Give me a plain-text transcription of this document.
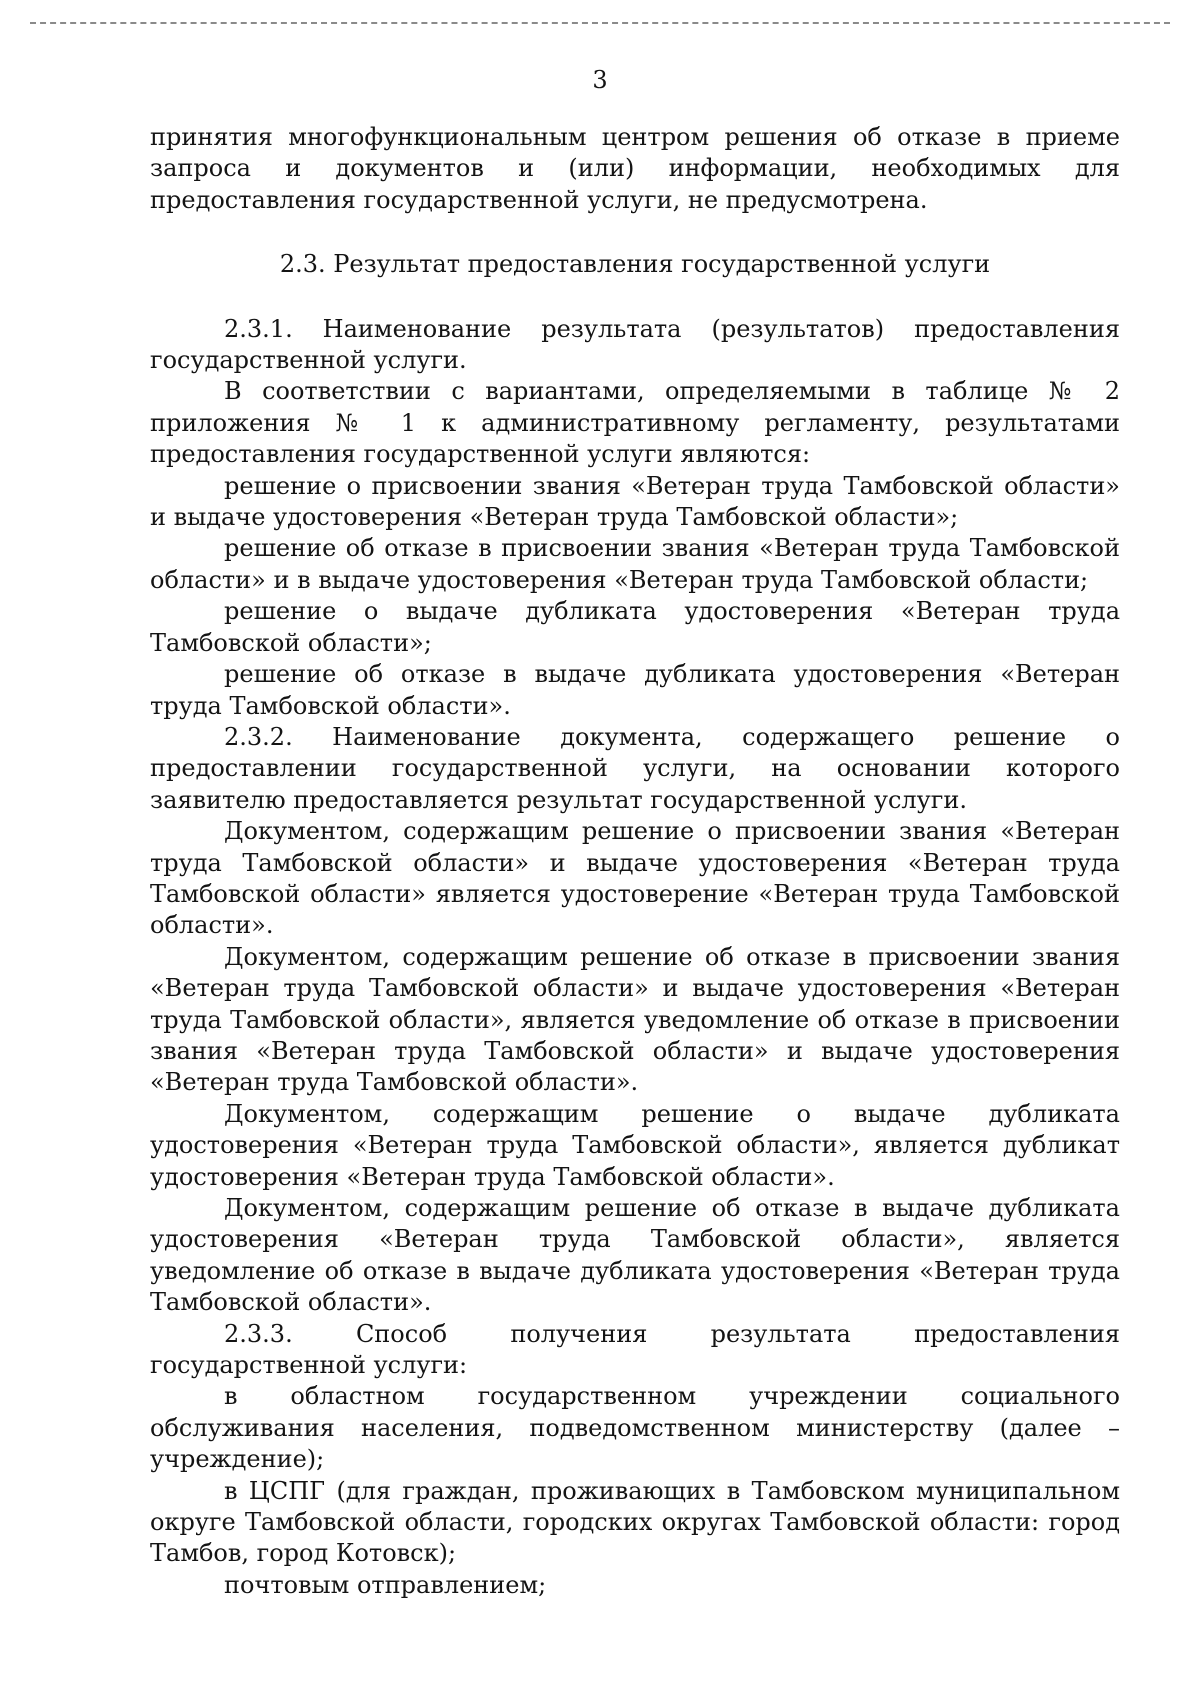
3

принятия многофункциональным центром решения об отказе в приеме запроса и документов и (или) информации, необходимых для предоставления государственной услуги, не предусмотрена.

2.3. Результат предоставления государственной услуги

2.3.1. Наименование результата (результатов) предоставления государственной услуги.

В соответствии с вариантами, определяемыми в таблице № 2 приложения № 1 к административному регламенту, результатами предоставления государственной услуги являются:

решение о присвоении звания «Ветеран труда Тамбовской области» и выдаче удостоверения «Ветеран труда Тамбовской области»;

решение об отказе в присвоении звания «Ветеран труда Тамбовской области» и в выдаче удостоверения «Ветеран труда Тамбовской области;

решение о выдаче дубликата удостоверения «Ветеран труда Тамбовской области»;

решение об отказе в выдаче дубликата удостоверения «Ветеран труда Тамбовской области».

2.3.2. Наименование документа, содержащего решение о предоставлении государственной услуги, на основании которого заявителю предоставляется результат государственной услуги.

Документом, содержащим решение о присвоении звания «Ветеран труда Тамбовской области» и выдаче удостоверения «Ветеран труда Тамбовской области» является удостоверение «Ветеран труда Тамбовской области».

Документом, содержащим решение об отказе в присвоении звания «Ветеран труда Тамбовской области» и выдаче удостоверения «Ветеран труда Тамбовской области», является уведомление об отказе в присвоении звания «Ветеран труда Тамбовской области» и выдаче удостоверения «Ветеран труда Тамбовской области».

Документом, содержащим решение о выдаче дубликата удостоверения «Ветеран труда Тамбовской области», является дубликат удостоверения «Ветеран труда Тамбовской области».

Документом, содержащим решение об отказе в выдаче дубликата удостоверения «Ветеран труда Тамбовской области», является уведомление об отказе в выдаче дубликата удостоверения «Ветеран труда Тамбовской области».

2.3.3. Способ получения результата предоставления государственной услуги:

в областном государственном учреждении социального обслуживания населения, подведомственном министерству (далее – учреждение);

в ЦСПГ (для граждан, проживающих в Тамбовском муниципальном округе Тамбовской области, городских округах Тамбовской области: город Тамбов, город Котовск);

почтовым отправлением;
